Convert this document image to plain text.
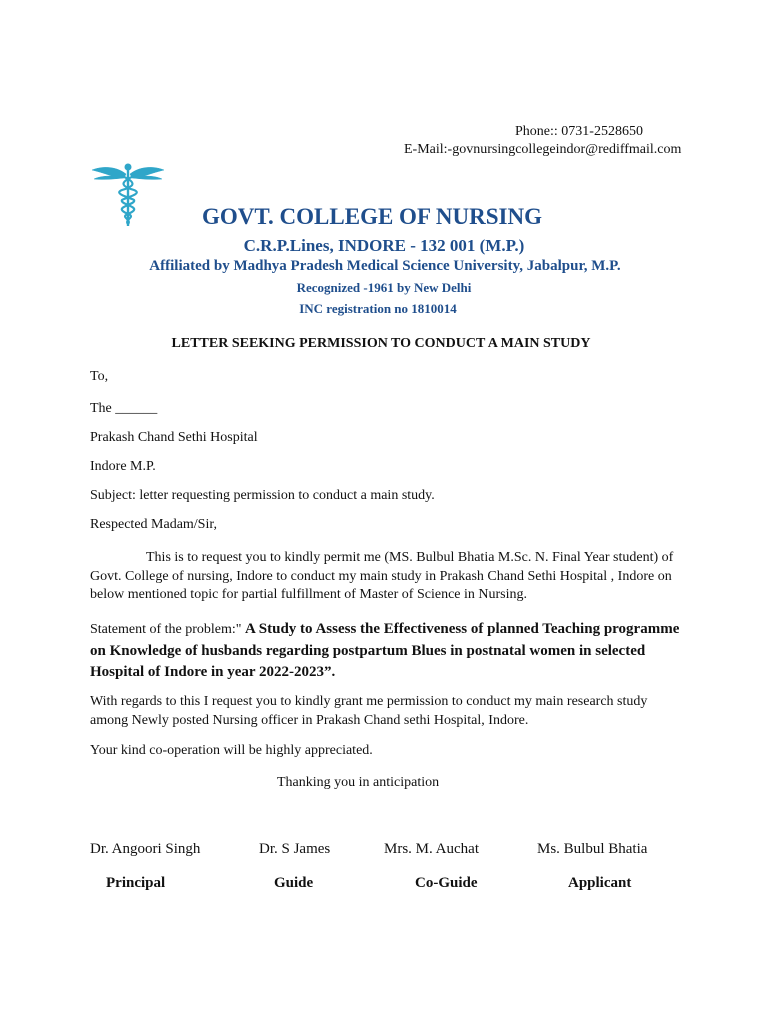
Phone:: 0731-2528650
E-Mail:-govnursingcollegeindor@rediffmail.com
GOVT. COLLEGE OF NURSING
C.R.P.Lines, INDORE - 132 001 (M.P.)
Affiliated by Madhya Pradesh Medical Science University, Jabalpur, M.P.
Recognized -1961 by New Delhi
INC registration no 1810014
LETTER SEEKING PERMISSION TO CONDUCT A MAIN STUDY
To,
The ______
Prakash Chand Sethi Hospital
Indore M.P.
Subject: letter requesting permission to conduct a main study.
Respected Madam/Sir,
This is to request you to kindly permit me (MS. Bulbul Bhatia M.Sc. N. Final Year student) of Govt. College of nursing, Indore to conduct my main study in Prakash Chand Sethi Hospital , Indore on below mentioned topic for partial fulfillment of Master of Science in Nursing.
Statement of the problem:" A Study to Assess the Effectiveness of planned Teaching programme on Knowledge of husbands regarding postpartum Blues in postnatal women in selected Hospital of Indore in year 2022-2023”.
With regards to this I request you to kindly grant me permission to conduct my main research study among Newly posted Nursing officer in Prakash Chand sethi Hospital, Indore.
Your kind co-operation will be highly appreciated.
Thanking you in anticipation
Dr. Angoori Singh	Dr. S James	Mrs. M. Auchat	Ms. Bulbul Bhatia
Principal	Guide	Co-Guide	Applicant
